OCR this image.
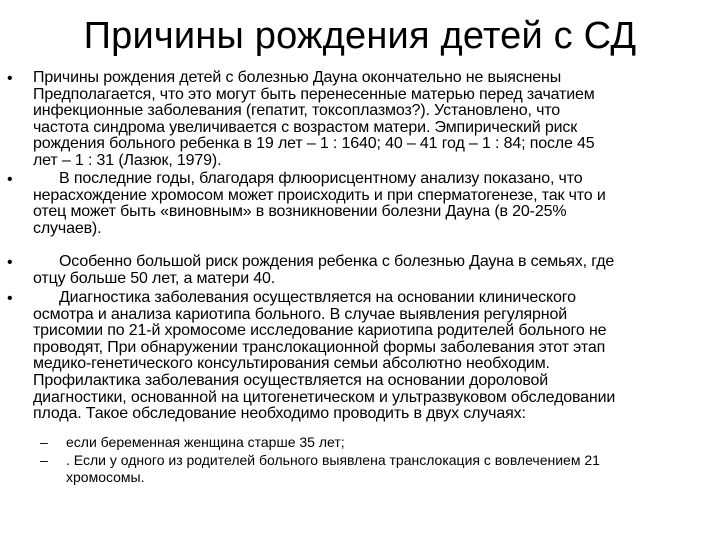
Причины рождения детей с СД
• Причины рождения детей с болезнью Дауна окончательно не выяснены
Предполагается, что это могут быть перенесенные матерью перед зачатием
инфекционные заболевания (гепатит, токсоплазмоз?). Установлено, что
частота синдрома увеличивается с возрастом матери. Эмпирический риск
рождения больного ребенка в 19 лет – 1 : 1640; 40 – 41 год – 1 : 84; после 45
лет – 1 : 31 (Лазюк, 1979).
•	В последние годы, благодаря флюорисцентному анализу показано, что
нерасхождение хромосом может происходить и при сперматогенезе, так что и
отец может быть «виновным» в возникновении болезни Дауна (в 20-25%
случаев).
•	Особенно большой риск рождения ребенка с болезнью Дауна в семьях, где
отцу больше 50 лет, а матери 40.
•	Диагностика заболевания осуществляется на основании клинического
осмотра и анализа кариотипа больного. В случае выявления регулярной
трисомии по 21-й хромосоме исследование кариотипа родителей больного не
проводят, При обнаружении транслокационной формы заболевания этот этап
медико-генетического консультирования семьи абсолютно необходим.
Профилактика заболевания осуществляется на основании дороловой
диагностики, основанной на цитогенетическом и ультразвуковом обследовании
плода. Такое обследование необходимо проводить в двух случаях:
– если беременная женщина старше 35 лет;
– . Если у одного из родителей больного выявлена транслокация с вовлечением 21
хромосомы.
